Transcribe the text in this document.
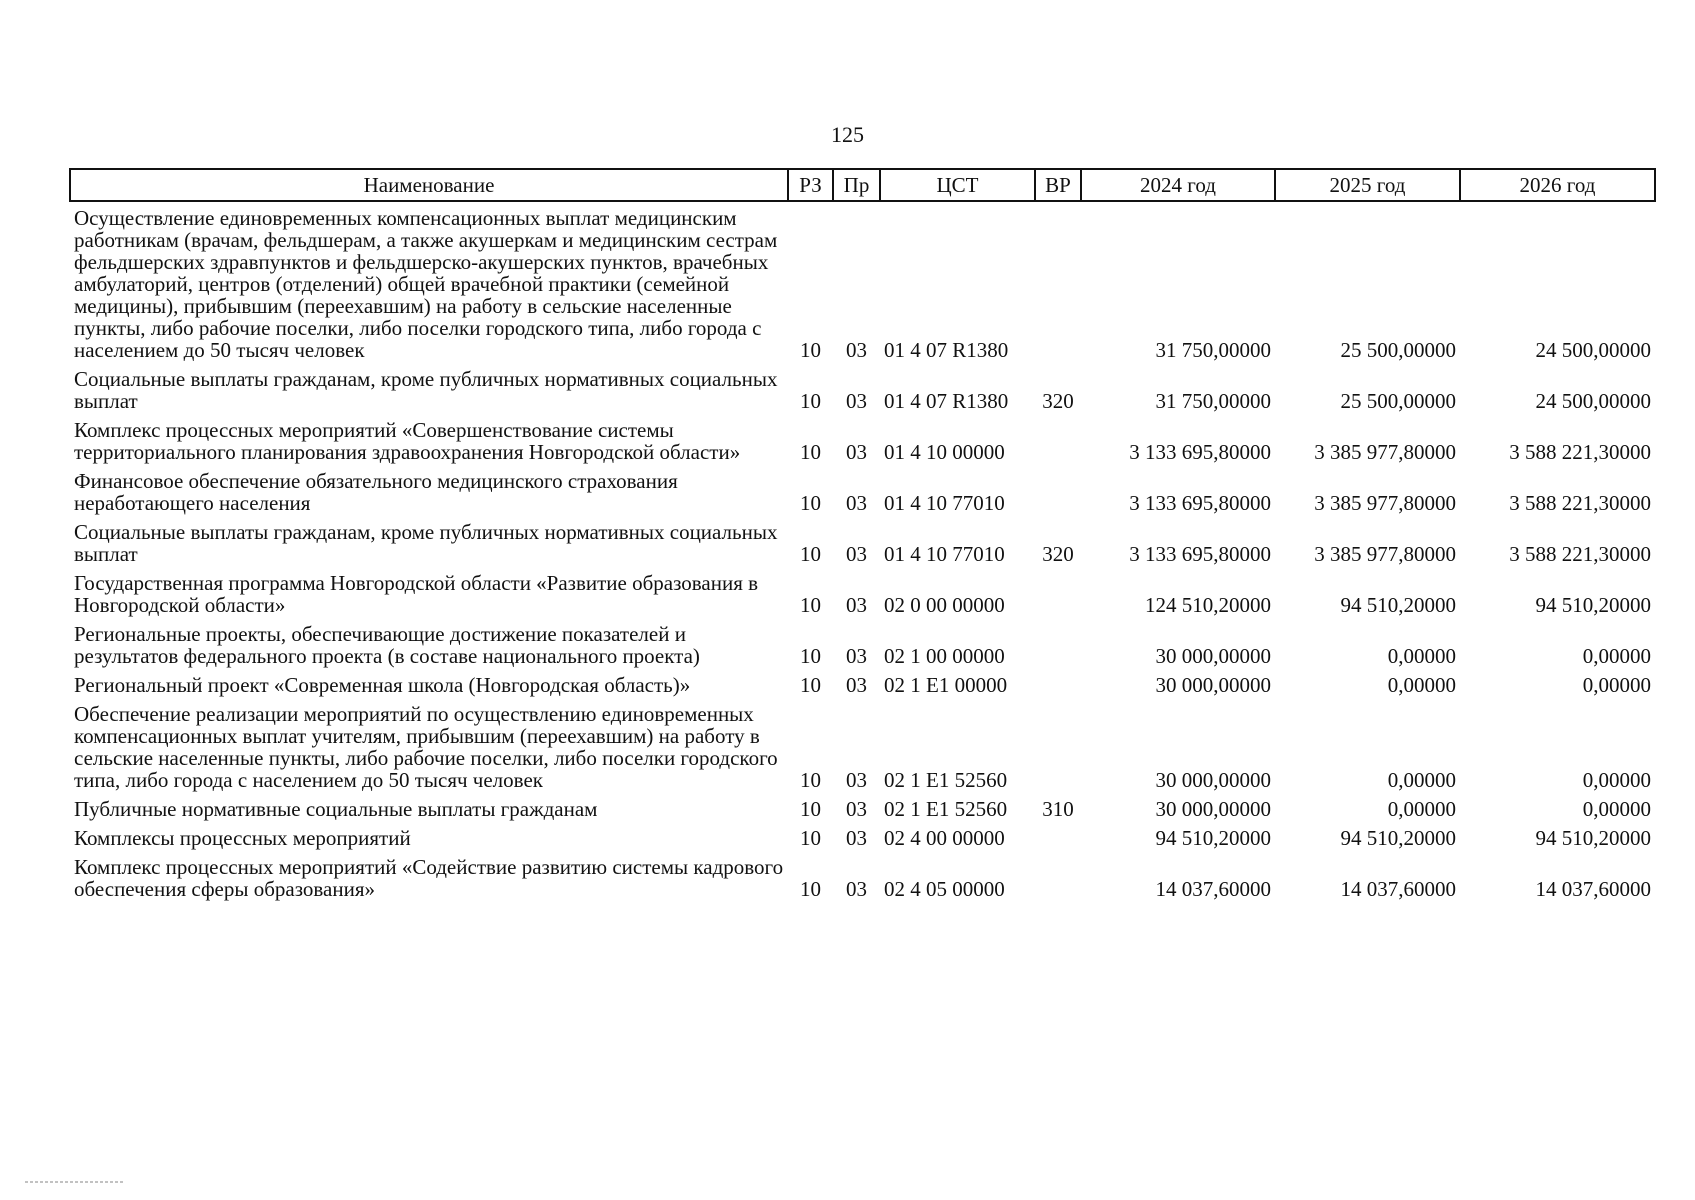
125
Наименование	РЗ	Пр	ЦСТ	ВР	2024 год	2025 год	2026 год
Осуществление единовременных компенсационных выплат медицинским работникам (врачам, фельдшерам, а также акушеркам и медицинским сестрам фельдшерских здравпунктов и фельдшерско-акушерских пунктов, врачебных амбулаторий, центров (отделений) общей врачебной практики (семейной медицины), прибывшим (переехавшим) на работу в сельские населенные пункты, либо рабочие поселки, либо поселки городского типа, либо города с населением до 50 тысяч человек	10	03	01 4 07 R1380		31 750,00000	25 500,00000	24 500,00000
Социальные выплаты гражданам, кроме публичных нормативных социальных выплат	10	03	01 4 07 R1380	320	31 750,00000	25 500,00000	24 500,00000
Комплекс процессных мероприятий «Совершенствование системы территориального планирования здравоохранения Новгородской области»	10	03	01 4 10 00000		3 133 695,80000	3 385 977,80000	3 588 221,30000
Финансовое обеспечение обязательного медицинского страхования неработающего населения	10	03	01 4 10 77010		3 133 695,80000	3 385 977,80000	3 588 221,30000
Социальные выплаты гражданам, кроме публичных нормативных социальных выплат	10	03	01 4 10 77010	320	3 133 695,80000	3 385 977,80000	3 588 221,30000
Государственная программа Новгородской области «Развитие образования в Новгородской области»	10	03	02 0 00 00000		124 510,20000	94 510,20000	94 510,20000
Региональные проекты, обеспечивающие достижение показателей и результатов федерального проекта (в составе национального проекта)	10	03	02 1 00 00000		30 000,00000	0,00000	0,00000
Региональный проект «Современная школа (Новгородская область)»	10	03	02 1 E1 00000		30 000,00000	0,00000	0,00000
Обеспечение реализации мероприятий по осуществлению единовременных компенсационных выплат учителям, прибывшим (переехавшим) на работу в сельские населенные пункты, либо рабочие поселки, либо поселки городского типа, либо города с населением до 50 тысяч человек	10	03	02 1 E1 52560		30 000,00000	0,00000	0,00000
Публичные нормативные социальные выплаты гражданам	10	03	02 1 E1 52560	310	30 000,00000	0,00000	0,00000
Комплексы процессных мероприятий	10	03	02 4 00 00000		94 510,20000	94 510,20000	94 510,20000
Комплекс процессных мероприятий «Содействие развитию системы кадрового обеспечения сферы образования»	10	03	02 4 05 00000		14 037,60000	14 037,60000	14 037,60000
